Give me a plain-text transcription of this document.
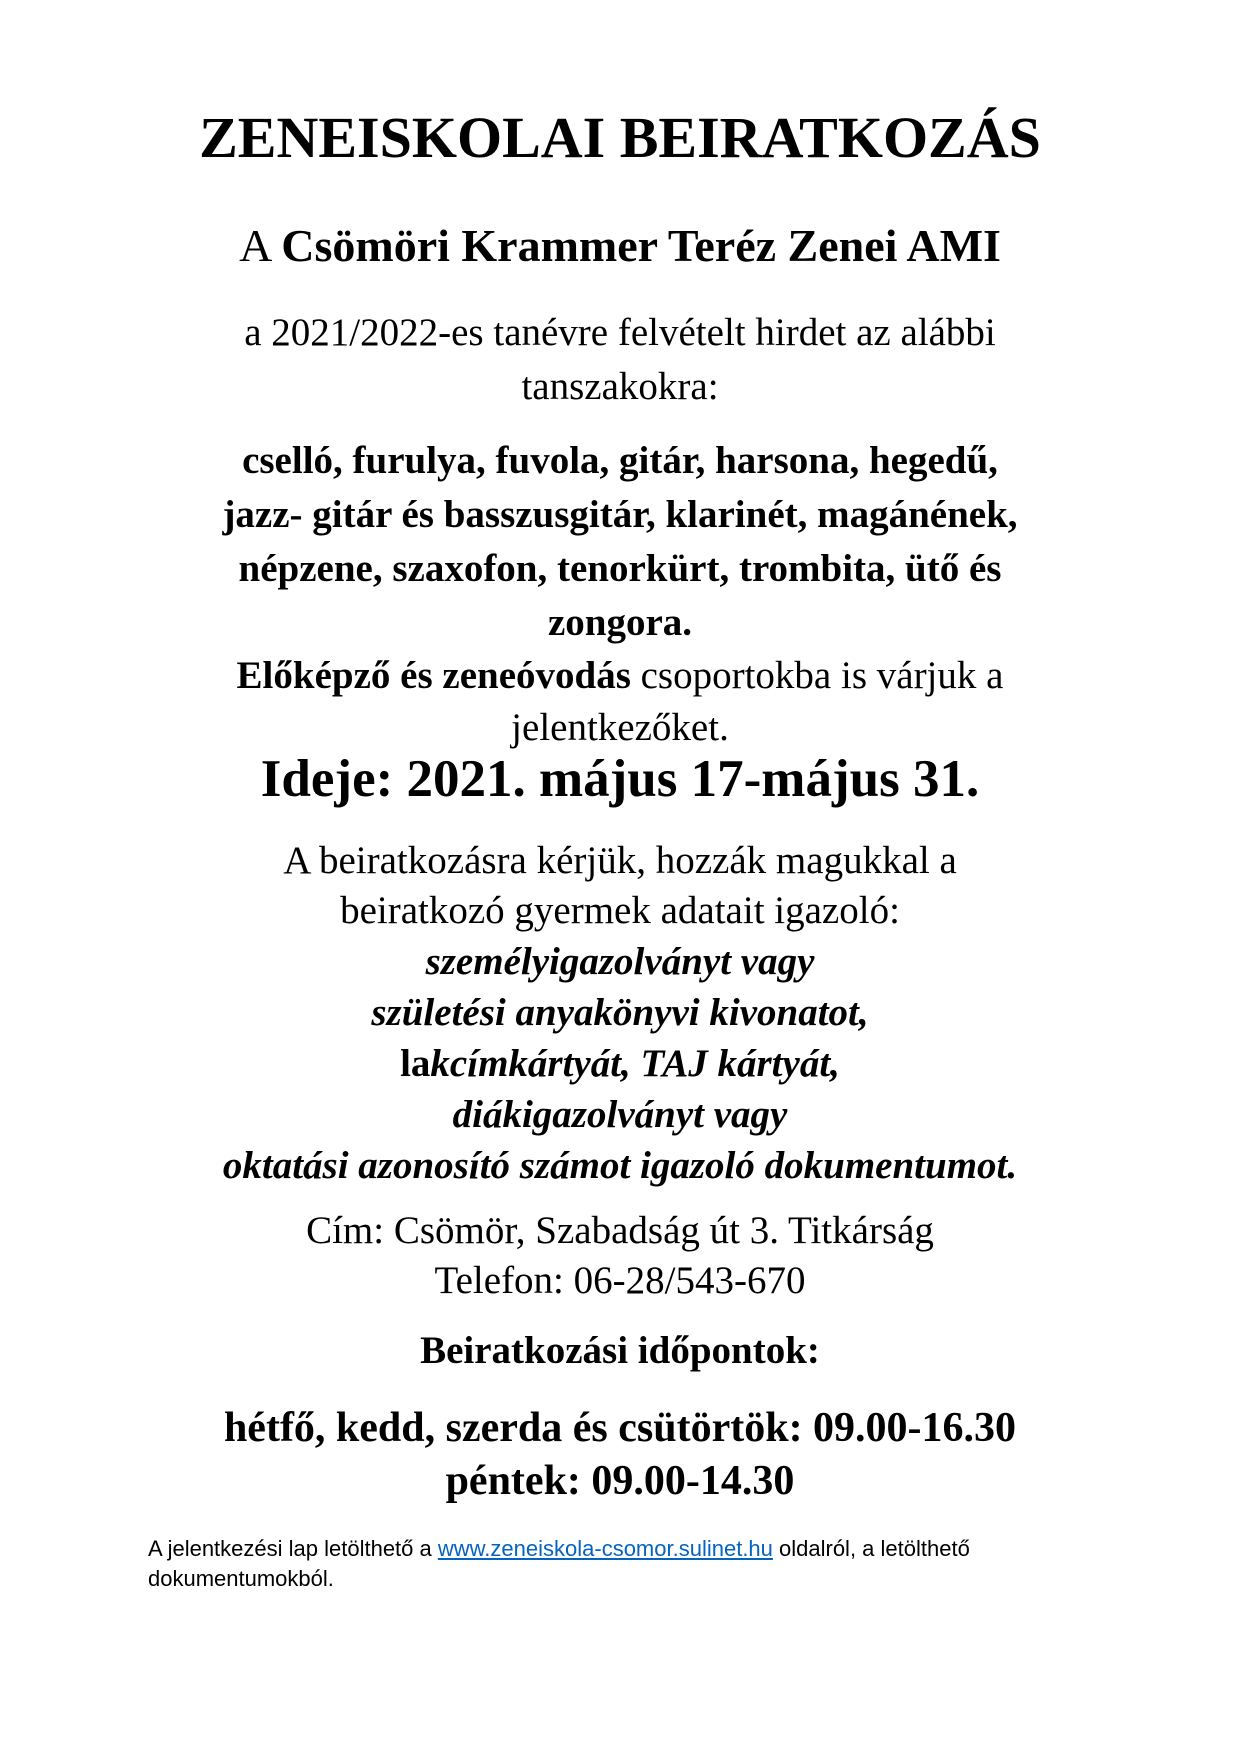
ZENEISKOLAI BEIRATKOZÁS
A Csömöri Krammer Teréz Zenei AMI
a 2021/2022-es tanévre felvételt hirdet az alábbi
tanszakokra:
cselló, furulya, fuvola, gitár, harsona, hegedű,
jazz- gitár és basszusgitár, klarinét, magánének,
népzene, szaxofon, tenorkürt, trombita, ütő és
zongora.
Előképző és zeneóvodás csoportokba is várjuk a
jelentkezőket.
Ideje: 2021. május 17-május 31.
A beiratkozásra kérjük, hozzák magukkal a
beiratkozó gyermek adatait igazoló:
személyigazolványt vagy
születési anyakönyvi kivonatot,
lakcímkártyát, TAJ kártyát,
diákigazolványt vagy
oktatási azonosító számot igazoló dokumentumot.
Cím: Csömör, Szabadság út 3. Titkárság
Telefon: 06-28/543-670
Beiratkozási időpontok:
hétfő, kedd, szerda és csütörtök: 09.00-16.30
péntek: 09.00-14.30
A jelentkezési lap letölthető a www.zeneiskola-csomor.sulinet.hu oldalról, a letölthető
dokumentumokból.
